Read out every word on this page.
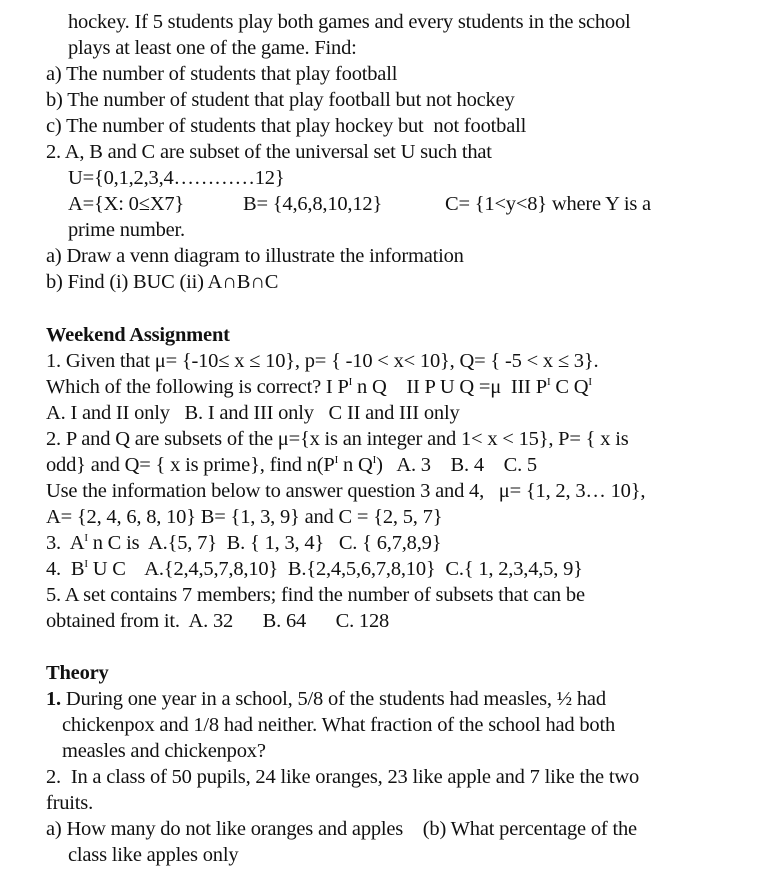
hockey. If 5 students play both games and every students in the school
plays at least one of the game. Find:
a) The number of students that play football
b) The number of student that play football but not hockey
c) The number of students that play hockey but  not football
2. A, B and C are subset of the universal set U such that
U={0,1,2,3,4…………12}
A={X: 0≤X7}	B= {4,6,8,10,12}	C= {1<y<8} where Y is a
prime number.
a) Draw a venn diagram to illustrate the information
b) Find (i) BUC (ii) A∩B∩C
Weekend Assignment
1. Given that μ= {-10≤ x ≤ 10}, p= { -10 < x< 10}, Q= { -5 < x ≤ 3}.
Which of the following is correct? I $P^I$ n Q    II P U Q =μ  III $P^I$ C $Q^I$
A. I and II only   B. I and III only   C II and III only
2. P and Q are subsets of the μ={x is an integer and 1< x < 15}, P= { x is
odd} and Q= { x is prime}, find $n(P^I$ n $Q^I$)   A. 3    B. 4    C. 5
Use the information below to answer question 3 and 4,   μ= {1, 2, 3… 10},
A= {2, 4, 6, 8, 10} B= {1, 3, 9} and C = {2, 5, 7}
3.  $A^I$ n C is  A.{5, 7}  B. { 1, 3, 4}   C. { 6,7,8,9}
4.  $B^I$ U C    A.{2,4,5,7,8,10}  B.{2,4,5,6,7,8,10}  C.{ 1, 2,3,4,5, 9}
5. A set contains 7 members; find the number of subsets that can be
obtained from it.  A. 32      B. 64      C. 128
Theory
1. During one year in a school, 5/8 of the students had measles, ½ had
chickenpox and 1/8 had neither. What fraction of the school had both
measles and chickenpox?
2.  In a class of 50 pupils, 24 like oranges, 23 like apple and 7 like the two
fruits.
a) How many do not like oranges and apples    (b) What percentage of the
class like apples only
